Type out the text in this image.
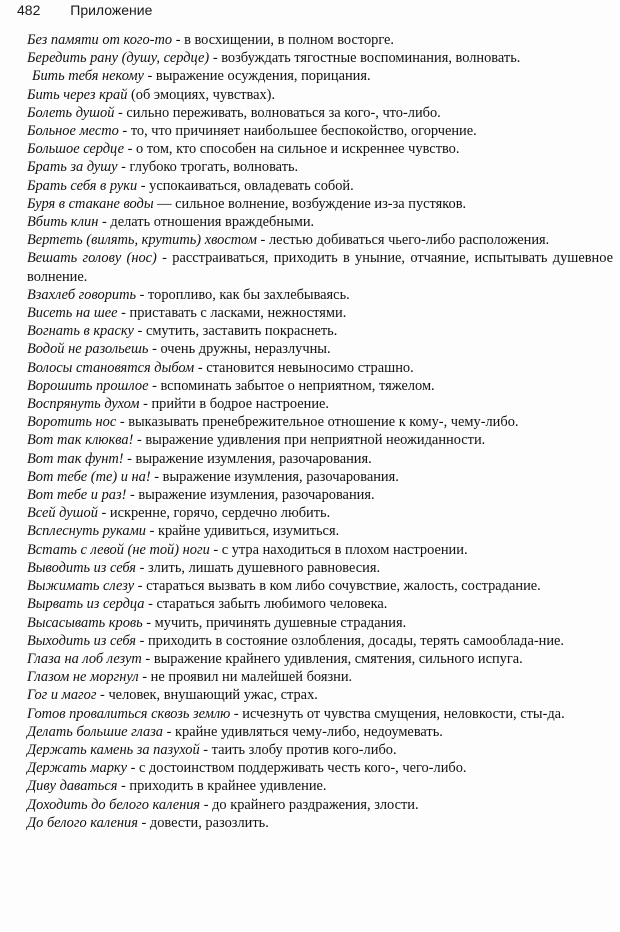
482 Приложение

Без памяти от кого-то - в восхищении, в полном восторге.

Бередить рану (душу, сердце) - возбуждать тягостные воспоминания, волновать.

Бить тебя некому - выражение осуждения, порицания.

Бить через край (об эмоциях, чувствах).

Болеть душой - сильно переживать, волноваться за кого-, что-либо.

Больное место - то, что причиняет наибольшее беспокойство, огорчение.

Большое сердце - о том, кто способен на сильное и искреннее чувство.

Брать за душу - глубоко трогать, волновать.

Брать себя в руки - успокаиваться, овладевать собой.

Буря в стакане воды — сильное волнение, возбуждение из-за пустяков.

Вбить клин - делать отношения враждебными.

Вертеть (вилять, крутить) хвостом - лестью добиваться чьего-либо расположения.

Вешать голову (нос) - расстраиваться, приходить в уныние, отчаяние, испытывать душевное волнение.

Взахлеб говорить - торопливо, как бы захлебываясь.

Висеть на шее - приставать с ласками, нежностями.

Вогнать в краску - смутить, заставить покраснеть.

Водой не разольешь - очень дружны, неразлучны.

Волосы становятся дыбом - становится невыносимо страшно.

Ворошить прошлое - вспоминать забытое о неприятном, тяжелом.

Воспрянуть духом - прийти в бодрое настроение.

Воротить нос - выказывать пренебрежительное отношение к кому-, чему-либо.

Вот так клюква! - выражение удивления при неприятной неожиданности.

Вот так фунт! - выражение изумления, разочарования.

Вот тебе (те) и на! - выражение изумления, разочарования.

Вот тебе и раз! - выражение изумления, разочарования.

Всей душой - искренне, горячо, сердечно любить.

Всплеснуть руками - крайне удивиться, изумиться.

Встать с левой (не той) ноги - с утра находиться в плохом настроении.

Выводить из себя - злить, лишать душевного равновесия.

Выжимать слезу - стараться вызвать в ком либо сочувствие, жалость, сострадание.

Вырвать из сердца - стараться забыть любимого человека.

Высасывать кровь - мучить, причинять душевные страдания.

Выходить из себя - приходить в состояние озлобления, досады, терять самооблада-ние.

Глаза на лоб лезут - выражение крайнего удивления, смятения, сильного испуга.

Глазом не моргнул - не проявил ни малейшей боязни.

Гог и магог - человек, внушающий ужас, страх.

Готов провалиться сквозь землю - исчезнуть от чувства смущения, неловкости, сты-да.

Делать большие глаза - крайне удивляться чему-либо, недоумевать.

Держать камень за пазухой - таить злобу против кого-либо.

Держать марку - с достоинством поддерживать честь кого-, чего-либо.

Диву даваться - приходить в крайнее удивление.

Доходить до белого каления - до крайнего раздражения, злости.

До белого каления - довести, разозлить.
